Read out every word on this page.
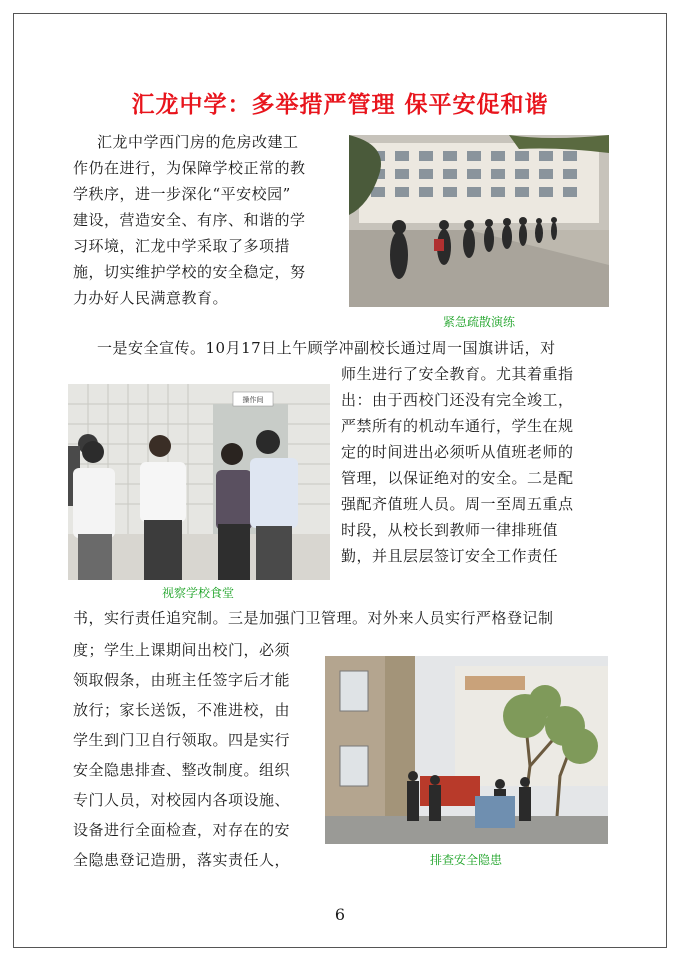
汇龙中学：多举措严管理 保平安促和谐
汇龙中学西门房的危房改建工
作仍在进行，为保障学校正常的教
学秩序，进一步深化“平安校园”
建设，营造安全、有序、和谐的学
习环境，汇龙中学采取了多项措
施，切实维护学校的安全稳定，努
力办好人民满意教育。
一是安全宣传。10月17日上午顾学冲副校长通过周一国旗讲话，对
师生进行了安全教育。尤其着重指
出：由于西校门还没有完全竣工，
严禁所有的机动车通行，学生在规
定的时间进出必须听从值班老师的
管理，以保证绝对的安全。二是配
强配齐值班人员。周一至周五重点
时段，从校长到教师一律排班值
勤，并且层层签订安全工作责任
书，实行责任追究制。三是加强门卫管理。对外来人员实行严格登记制
度；学生上课期间出校门，必须
领取假条，由班主任签字后才能
放行；家长送饭，不准进校，由
学生到门卫自行领取。四是实行
安全隐患排查、整改制度。组织
专门人员，对校园内各项设施、
设备进行全面检查，对存在的安
全隐患登记造册，落实责任人，
紧急疏散演练
操作间
视察学校食堂
排查安全隐患
6
